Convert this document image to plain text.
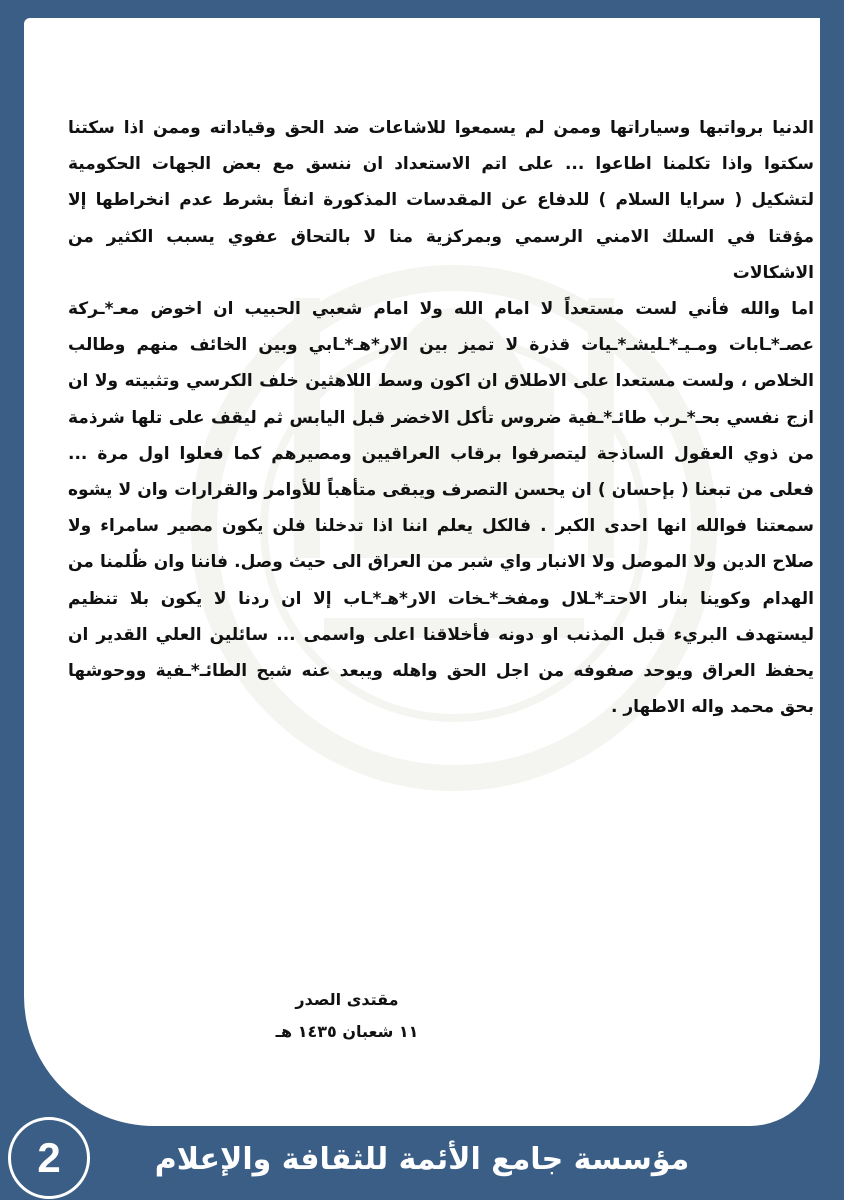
الدنيا برواتبها وسياراتها وممن لم يسمعوا للاشاعات ضد الحق وقياداته وممن اذا سكتنا سكتوا واذا تكلمنا اطاعوا ... على اتم الاستعداد ان ننسق مع بعض الجهات الحكومية لتشكيل ( سرايا السلام ) للدفاع عن المقدسات المذكورة انفاً بشرط عدم انخراطها إلا مؤقتا في السلك الامني الرسمي وبمركزية منا لا بالتحاق عفوي يسبب الكثير من الاشكالات

اما والله فأني لست مستعداً لا امام الله ولا امام شعبي الحبيب ان اخوض معـ*ـركة عصـ*ـابات ومـيـ*ـليشـ*ـيات قذرة لا تميز بين الار*هـ*ـابي وبين الخائف منهم وطالب الخلاص ، ولست مستعدا على الاطلاق ان اكون وسط اللاهثين خلف الكرسي وتثبيته ولا ان ازج نفسي بحـ*ـرب طائـ*ـفية ضروس تأكل الاخضر قبل اليابس ثم ليقف على تلها شرذمة من ذوي العقول الساذجة ليتصرفوا برقاب العراقيين ومصيرهم كما فعلوا اول مرة ... فعلى من تبعنا ( بإحسان ) ان يحسن التصرف ويبقى متأهباً للأوامر والقرارات وان لا يشوه سمعتنا فوالله انها احدى الكبر . فالكل يعلم اننا اذا تدخلنا فلن يكون مصير سامراء ولا صلاح الدين ولا الموصل ولا الانبار واي شبر من العراق الى حيث وصل. فاننا وان ظُلمنا من الهدام وكوينا بنار الاحتـ*ـلال ومفخـ*ـخات الار*هـ*ـاب إلا ان ردنا لا يكون بلا تنظيم ليستهدف البريء قبل المذنب او دونه فأخلاقنا اعلى واسمى ... سائلين العلي القدير ان يحفظ العراق ويوحد صفوفه من اجل الحق واهله ويبعد عنه شبح الطائـ*ـفية ووحوشها بحق محمد واله الاطهار .

مقتدى الصدر
١١ شعبان ١٤٣٥ هـ
2	مؤسسة جامع الأئمة للثقافة والإعلام
